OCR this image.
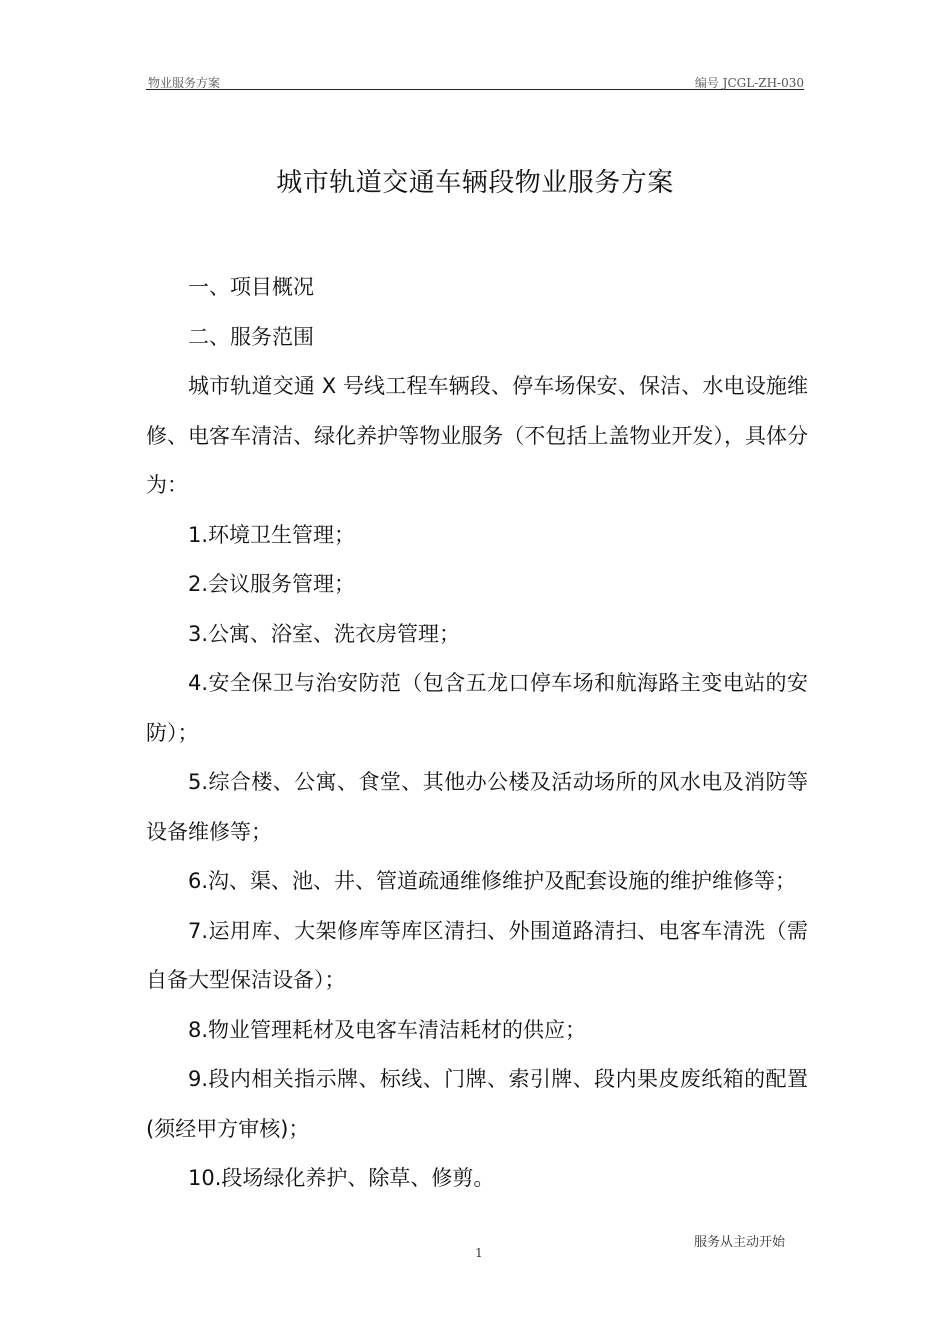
物业服务方案	编号 JCGL-ZH-030
城市轨道交通车辆段物业服务方案

一、项目概况

二、服务范围

城市轨道交通 X 号线工程车辆段、停车场保安、保洁、水电设施维修、电客车清洁、绿化养护等物业服务（不包括上盖物业开发），具体分为：

1.环境卫生管理；

2.会议服务管理；

3.公寓、浴室、洗衣房管理；

4.安全保卫与治安防范（包含五龙口停车场和航海路主变电站的安防）；

5.综合楼、公寓、食堂、其他办公楼及活动场所的风水电及消防等设备维修等；

6.沟、渠、池、井、管道疏通维修维护及配套设施的维护维修等；

7.运用库、大架修库等库区清扫、外围道路清扫、电客车清洗（需自备大型保洁设备）；

8.物业管理耗材及电客车清洁耗材的供应；

9.段内相关指示牌、标线、门牌、索引牌、段内果皮废纸箱的配置(须经甲方审核)；

10.段场绿化养护、除草、修剪。

服务从主动开始
1
